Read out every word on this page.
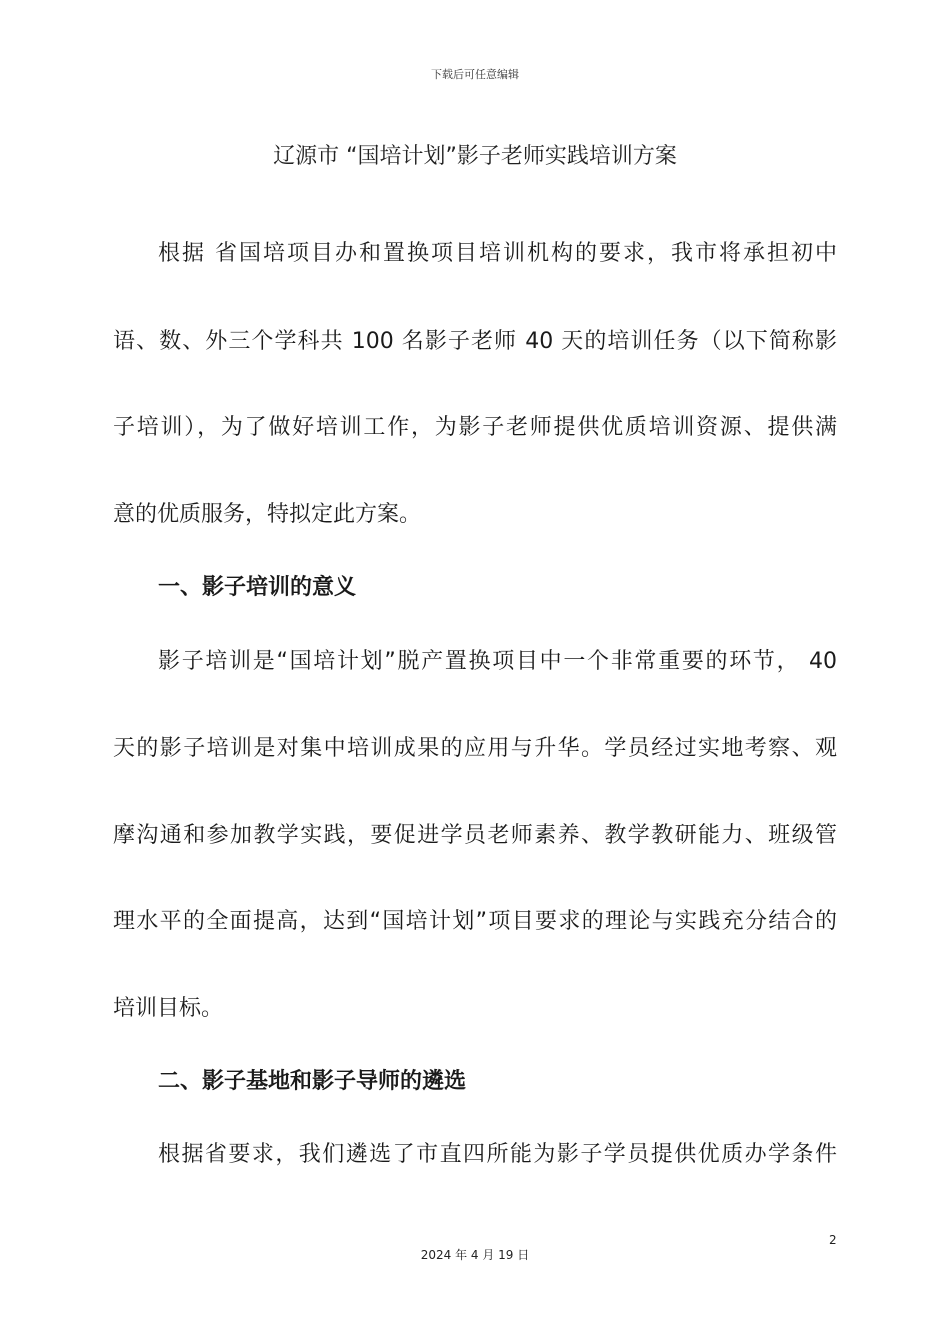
下载后可任意编辑
辽源市 “国培计划”影子老师实践培训方案
根据 省国培项目办和置换项目培训机构的要求，我市将承担初中
语、数、外三个学科共 100 名影子老师 40 天的培训任务（以下简称影
子培训），为了做好培训工作，为影子老师提供优质培训资源、提供满
意的优质服务，特拟定此方案。
一、影子培训的意义
影子培训是“国培计划”脱产置换项目中一个非常重要的环节， 40
天的影子培训是对集中培训成果的应用与升华。学员经过实地考察、观
摩沟通和参加教学实践，要促进学员老师素养、教学教研能力、班级管
理水平的全面提高，达到“国培计划”项目要求的理论与实践充分结合的
培训目标。
二、影子基地和影子导师的遴选
根据省要求，我们遴选了市直四所能为影子学员提供优质办学条件
2
2024 年 4 月 19 日
